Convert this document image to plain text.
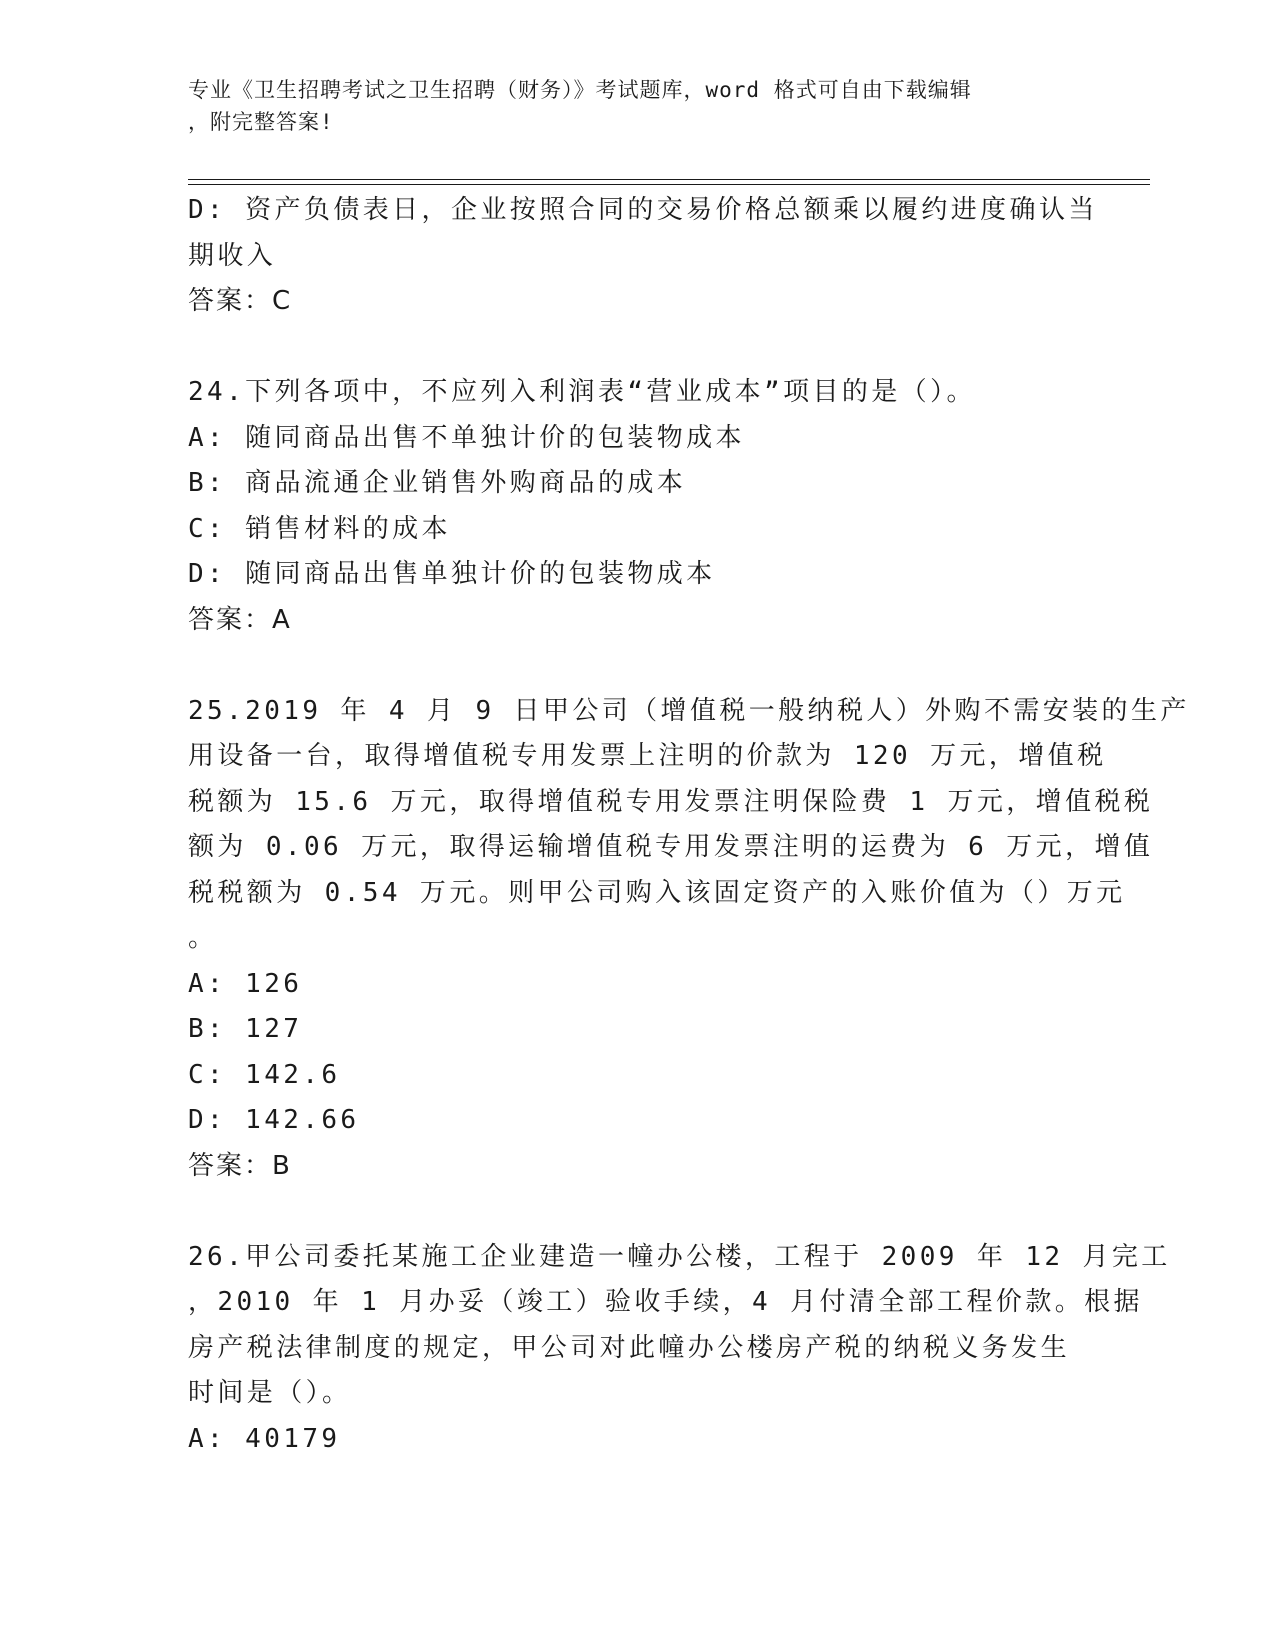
专业《卫生招聘考试之卫生招聘（财务）》考试题库，word 格式可自由下载编辑
，附完整答案!
D: 资产负债表日，企业按照合同的交易价格总额乘以履约进度确认当
期收入
答案：C
24.下列各项中，不应列入利润表“营业成本”项目的是（）。
A: 随同商品出售不单独计价的包装物成本
B: 商品流通企业销售外购商品的成本
C: 销售材料的成本
D: 随同商品出售单独计价的包装物成本
答案：A
25.2019 年 4 月 9 日甲公司（增值税一般纳税人）外购不需安装的生产
用设备一台，取得增值税专用发票上注明的价款为 120 万元，增值税
税额为 15.6 万元，取得增值税专用发票注明保险费 1 万元，增值税税
额为 0.06 万元，取得运输增值税专用发票注明的运费为 6 万元，增值
税税额为 0.54 万元。则甲公司购入该固定资产的入账价值为（）万元
。
A: 126
B: 127
C: 142.6
D: 142.66
答案：B
26.甲公司委托某施工企业建造一幢办公楼，工程于 2009 年 12 月完工
，2010 年 1 月办妥（竣工）验收手续，4 月付清全部工程价款。根据
房产税法律制度的规定，甲公司对此幢办公楼房产税的纳税义务发生
时间是（）。
A: 40179
